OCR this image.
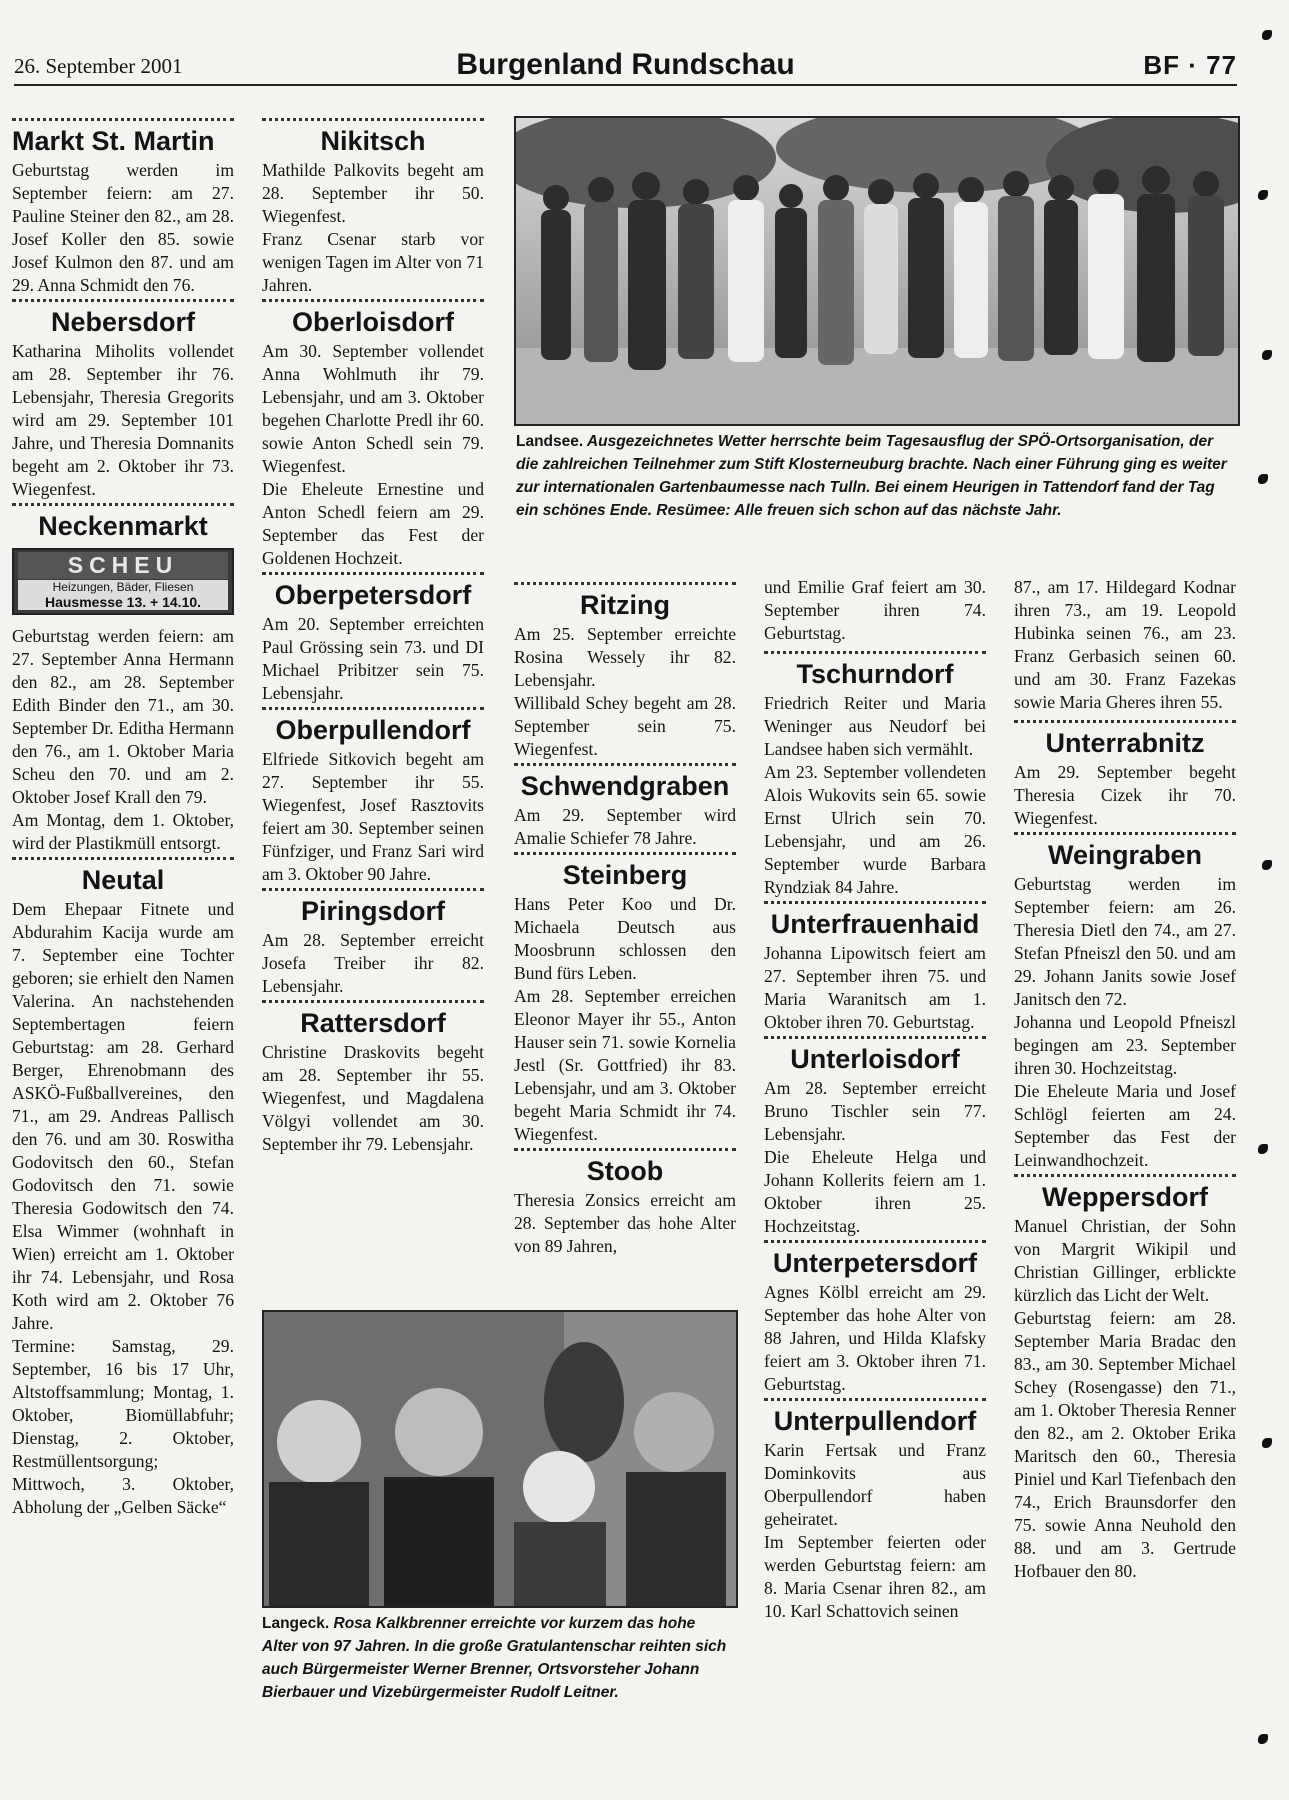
26. September 2001	Burgenland Rundschau	BF · 77
Markt St. Martin

Geburtstag werden im September feiern: am 27. Pauline Steiner den 82., am 28. Josef Koller den 85. sowie Josef Kulmon den 87. und am 29. Anna Schmidt den 76.

Nebersdorf

Katharina Miholits vollendet am 28. September ihr 76. Lebensjahr, Theresia Gregorits wird am 29. September 101 Jahre, und Theresia Domnanits begeht am 2. Oktober ihr 73. Wiegenfest.

Neckenmarkt
SCHEU
Heizungen, Bäder, Fliesen
Hausmesse 13. + 14.10.

Geburtstag werden feiern: am 27. September Anna Hermann den 82., am 28. September Edith Binder den 71., am 30. September Dr. Editha Hermann den 76., am 1. Oktober Maria Scheu den 70. und am 2. Oktober Josef Krall den 79.

Am Montag, dem 1. Oktober, wird der Plastikmüll entsorgt.

Neutal

Dem Ehepaar Fitnete und Abdurahim Kacija wurde am 7. September eine Tochter geboren; sie erhielt den Namen Valerina. An nachstehenden Septembertagen feiern Geburtstag: am 28. Gerhard Berger, Ehrenobmann des ASKÖ-Fußballvereines, den 71., am 29. Andreas Pallisch den 76. und am 30. Roswitha Godovitsch den 60., Stefan Godovitsch den 71. sowie Theresia Godowitsch den 74. Elsa Wimmer (wohnhaft in Wien) erreicht am 1. Oktober ihr 74. Lebensjahr, und Rosa Koth wird am 2. Oktober 76 Jahre.

Termine: Samstag, 29. September, 16 bis 17 Uhr, Altstoffsammlung; Montag, 1. Oktober, Biomüllabfuhr; Dienstag, 2. Oktober, Restmüllentsorgung; Mittwoch, 3. Oktober, Abholung der „Gelben Säcke“

Nikitsch

Mathilde Palkovits begeht am 28. September ihr 50. Wiegenfest.

Franz Csenar starb vor wenigen Tagen im Alter von 71 Jahren.

Oberloisdorf

Am 30. September vollendet Anna Wohlmuth ihr 79. Lebensjahr, und am 3. Oktober begehen Charlotte Predl ihr 60. sowie Anton Schedl sein 79. Wiegenfest.

Die Eheleute Ernestine und Anton Schedl feiern am 29. September das Fest der Goldenen Hochzeit.

Oberpetersdorf

Am 20. September erreichten Paul Grössing sein 73. und DI Michael Pribitzer sein 75. Lebensjahr.

Oberpullendorf

Elfriede Sitkovich begeht am 27. September ihr 55. Wiegenfest, Josef Rasztovits feiert am 30. September seinen Fünfziger, und Franz Sari wird am 3. Oktober 90 Jahre.

Piringsdorf

Am 28. September erreicht Josefa Treiber ihr 82. Lebensjahr.

Rattersdorf

Christine Draskovits begeht am 28. September ihr 55. Wiegenfest, und Magdalena Völgyi vollendet am 30. September ihr 79. Lebensjahr.

Landsee. Ausgezeichnetes Wetter herrschte beim Tagesausflug der SPÖ-Ortsorganisation, der die zahlreichen Teilnehmer zum Stift Klosterneuburg brachte. Nach einer Führung ging es weiter zur internationalen Gartenbaumesse nach Tulln. Bei einem Heurigen in Tattendorf fand der Tag ein schönes Ende. Resümee: Alle freuen sich schon auf das nächste Jahr.
Langeck. Rosa Kalkbrenner erreichte vor kurzem das hohe Alter von 97 Jahren. In die große Gratulantenschar reihten sich auch Bürgermeister Werner Brenner, Ortsvorsteher Johann Bierbauer und Vizebürgermeister Rudolf Leitner.
Ritzing

Am 25. September erreichte Rosina Wessely ihr 82. Lebensjahr.

Willibald Schey begeht am 28. September sein 75. Wiegenfest.

Schwendgraben

Am 29. September wird Amalie Schiefer 78 Jahre.

Steinberg

Hans Peter Koo und Dr. Michaela Deutsch aus Moosbrunn schlossen den Bund fürs Leben.

Am 28. September erreichen Eleonor Mayer ihr 55., Anton Hauser sein 71. sowie Kornelia Jestl (Sr. Gottfried) ihr 83. Lebensjahr, und am 3. Oktober begeht Maria Schmidt ihr 74. Wiegenfest.

Stoob

Theresia Zonsics erreicht am 28. September das hohe Alter von 89 Jahren,

und Emilie Graf feiert am 30. September ihren 74. Geburtstag.

Tschurndorf

Friedrich Reiter und Maria Weninger aus Neudorf bei Landsee haben sich vermählt.

Am 23. September vollendeten Alois Wukovits sein 65. sowie Ernst Ulrich sein 70. Lebensjahr, und am 26. September wurde Barbara Ryndziak 84 Jahre.

Unterfrauenhaid

Johanna Lipowitsch feiert am 27. September ihren 75. und Maria Waranitsch am 1. Oktober ihren 70. Geburtstag.

Unterloisdorf

Am 28. September erreicht Bruno Tischler sein 77. Lebensjahr.

Die Eheleute Helga und Johann Kollerits feiern am 1. Oktober ihren 25. Hochzeitstag.

Unterpetersdorf

Agnes Kölbl erreicht am 29. September das hohe Alter von 88 Jahren, und Hilda Klafsky feiert am 3. Oktober ihren 71. Geburtstag.

Unterpullendorf

Karin Fertsak und Franz Dominkovits aus Oberpullendorf haben geheiratet.

Im September feierten oder werden Geburtstag feiern: am 8. Maria Csenar ihren 82., am 10. Karl Schattovich seinen

87., am 17. Hildegard Kodnar ihren 73., am 19. Leopold Hubinka seinen 76., am 23. Franz Gerbasich seinen 60. und am 30. Franz Fazekas sowie Maria Gheres ihren 55.

Unterrabnitz

Am 29. September begeht Theresia Cizek ihr 70. Wiegenfest.

Weingraben

Geburtstag werden im September feiern: am 26. Theresia Dietl den 74., am 27. Stefan Pfneiszl den 50. und am 29. Johann Janits sowie Josef Janitsch den 72.

Johanna und Leopold Pfneiszl begingen am 23. September ihren 30. Hochzeitstag.

Die Eheleute Maria und Josef Schlögl feierten am 24. September das Fest der Leinwandhochzeit.

Weppersdorf

Manuel Christian, der Sohn von Margrit Wikipil und Christian Gillinger, erblickte kürzlich das Licht der Welt.

Geburtstag feiern: am 28. September Maria Bradac den 83., am 30. September Michael Schey (Rosengasse) den 71., am 1. Oktober Theresia Renner den 82., am 2. Oktober Erika Maritsch den 60., Theresia Piniel und Karl Tiefenbach den 74., Erich Braunsdorfer den 75. sowie Anna Neuhold den 88. und am 3. Gertrude Hofbauer den 80.
